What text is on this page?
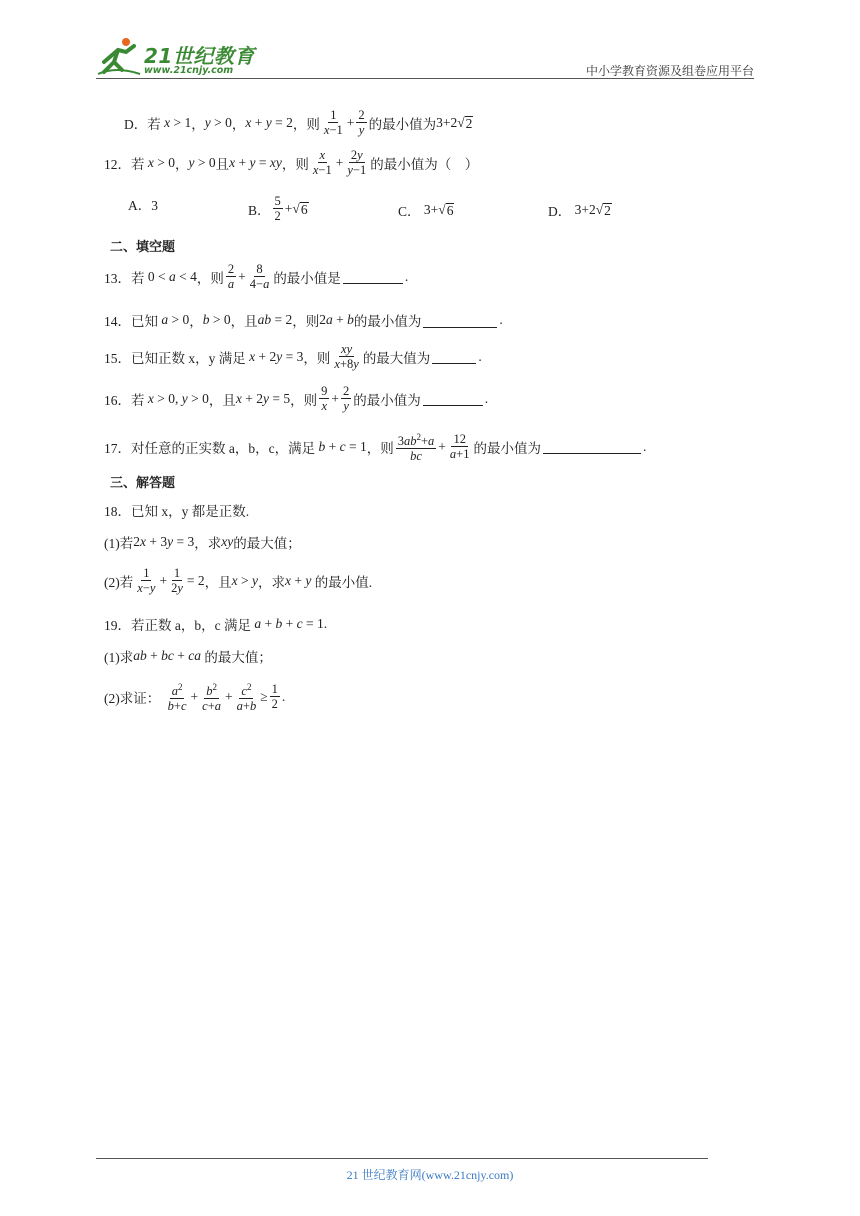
21世纪教育
www.21cnjy.com	中小学教育资源及组卷应用平台
D．若 x > 1 ， y > 0 ， x + y = 2 ，则 $\frac{1}{x-1} + \frac{2}{y}$ 的最小值为 3+2 √ 2
12．若 x > 0 ， y > 0 且 x + y = xy ，则 $\frac{x}{x-1} + \frac{2y}{y-1}$ 的最小值为（　）
A．3	B． $\frac{5}{2}$ + √ 6	C． 3+ √ 6	D． 3+2 √ 2
二、填空题
13．若 0 < a < 4 ，则 $\frac{2}{a} + \frac{8}{4-a}$ 的最小值是	.
14．已知
a > 0 ， b > 0 ，且 ab = 2 ，则 2 a + b 的最小值为	.
15．已知正数 x，y 满足
x + 2 y = 3 ，则 $\frac{xy}{x+8y}$ 的最大值为	.
16．若
x > 0, y > 0 ，且 x + 2 y = 5 ，则 $\frac{9}{x} + \frac{2}{y}$ 的最小值为	.
17．对任意的正实数 a，b，c，满足
b + c = 1 ，则 $\frac{3ab^2+a}{bc} + \frac{12}{a+1}$ 的最小值为	.
三、解答题
18．已知 x，y 都是正数.
(1)若 2 x + 3 y = 3 ，求 xy 的最大值；
(2)若 $\frac{1}{x-y} + \frac{1}{2y} = 2$ ，且 x > y ，求 x + y
的最小值.
19．若正数 a，b，c 满足
a + b + c = 1 .
(1)求 ab + bc + ca
的最大值；
(2)求证：
$\frac{a^2}{b+c} + \frac{b^2}{c+a} + \frac{c^2}{a+b} \ge \frac{1}{2}$ .
21 世纪教育网(www.21cnjy.com)
